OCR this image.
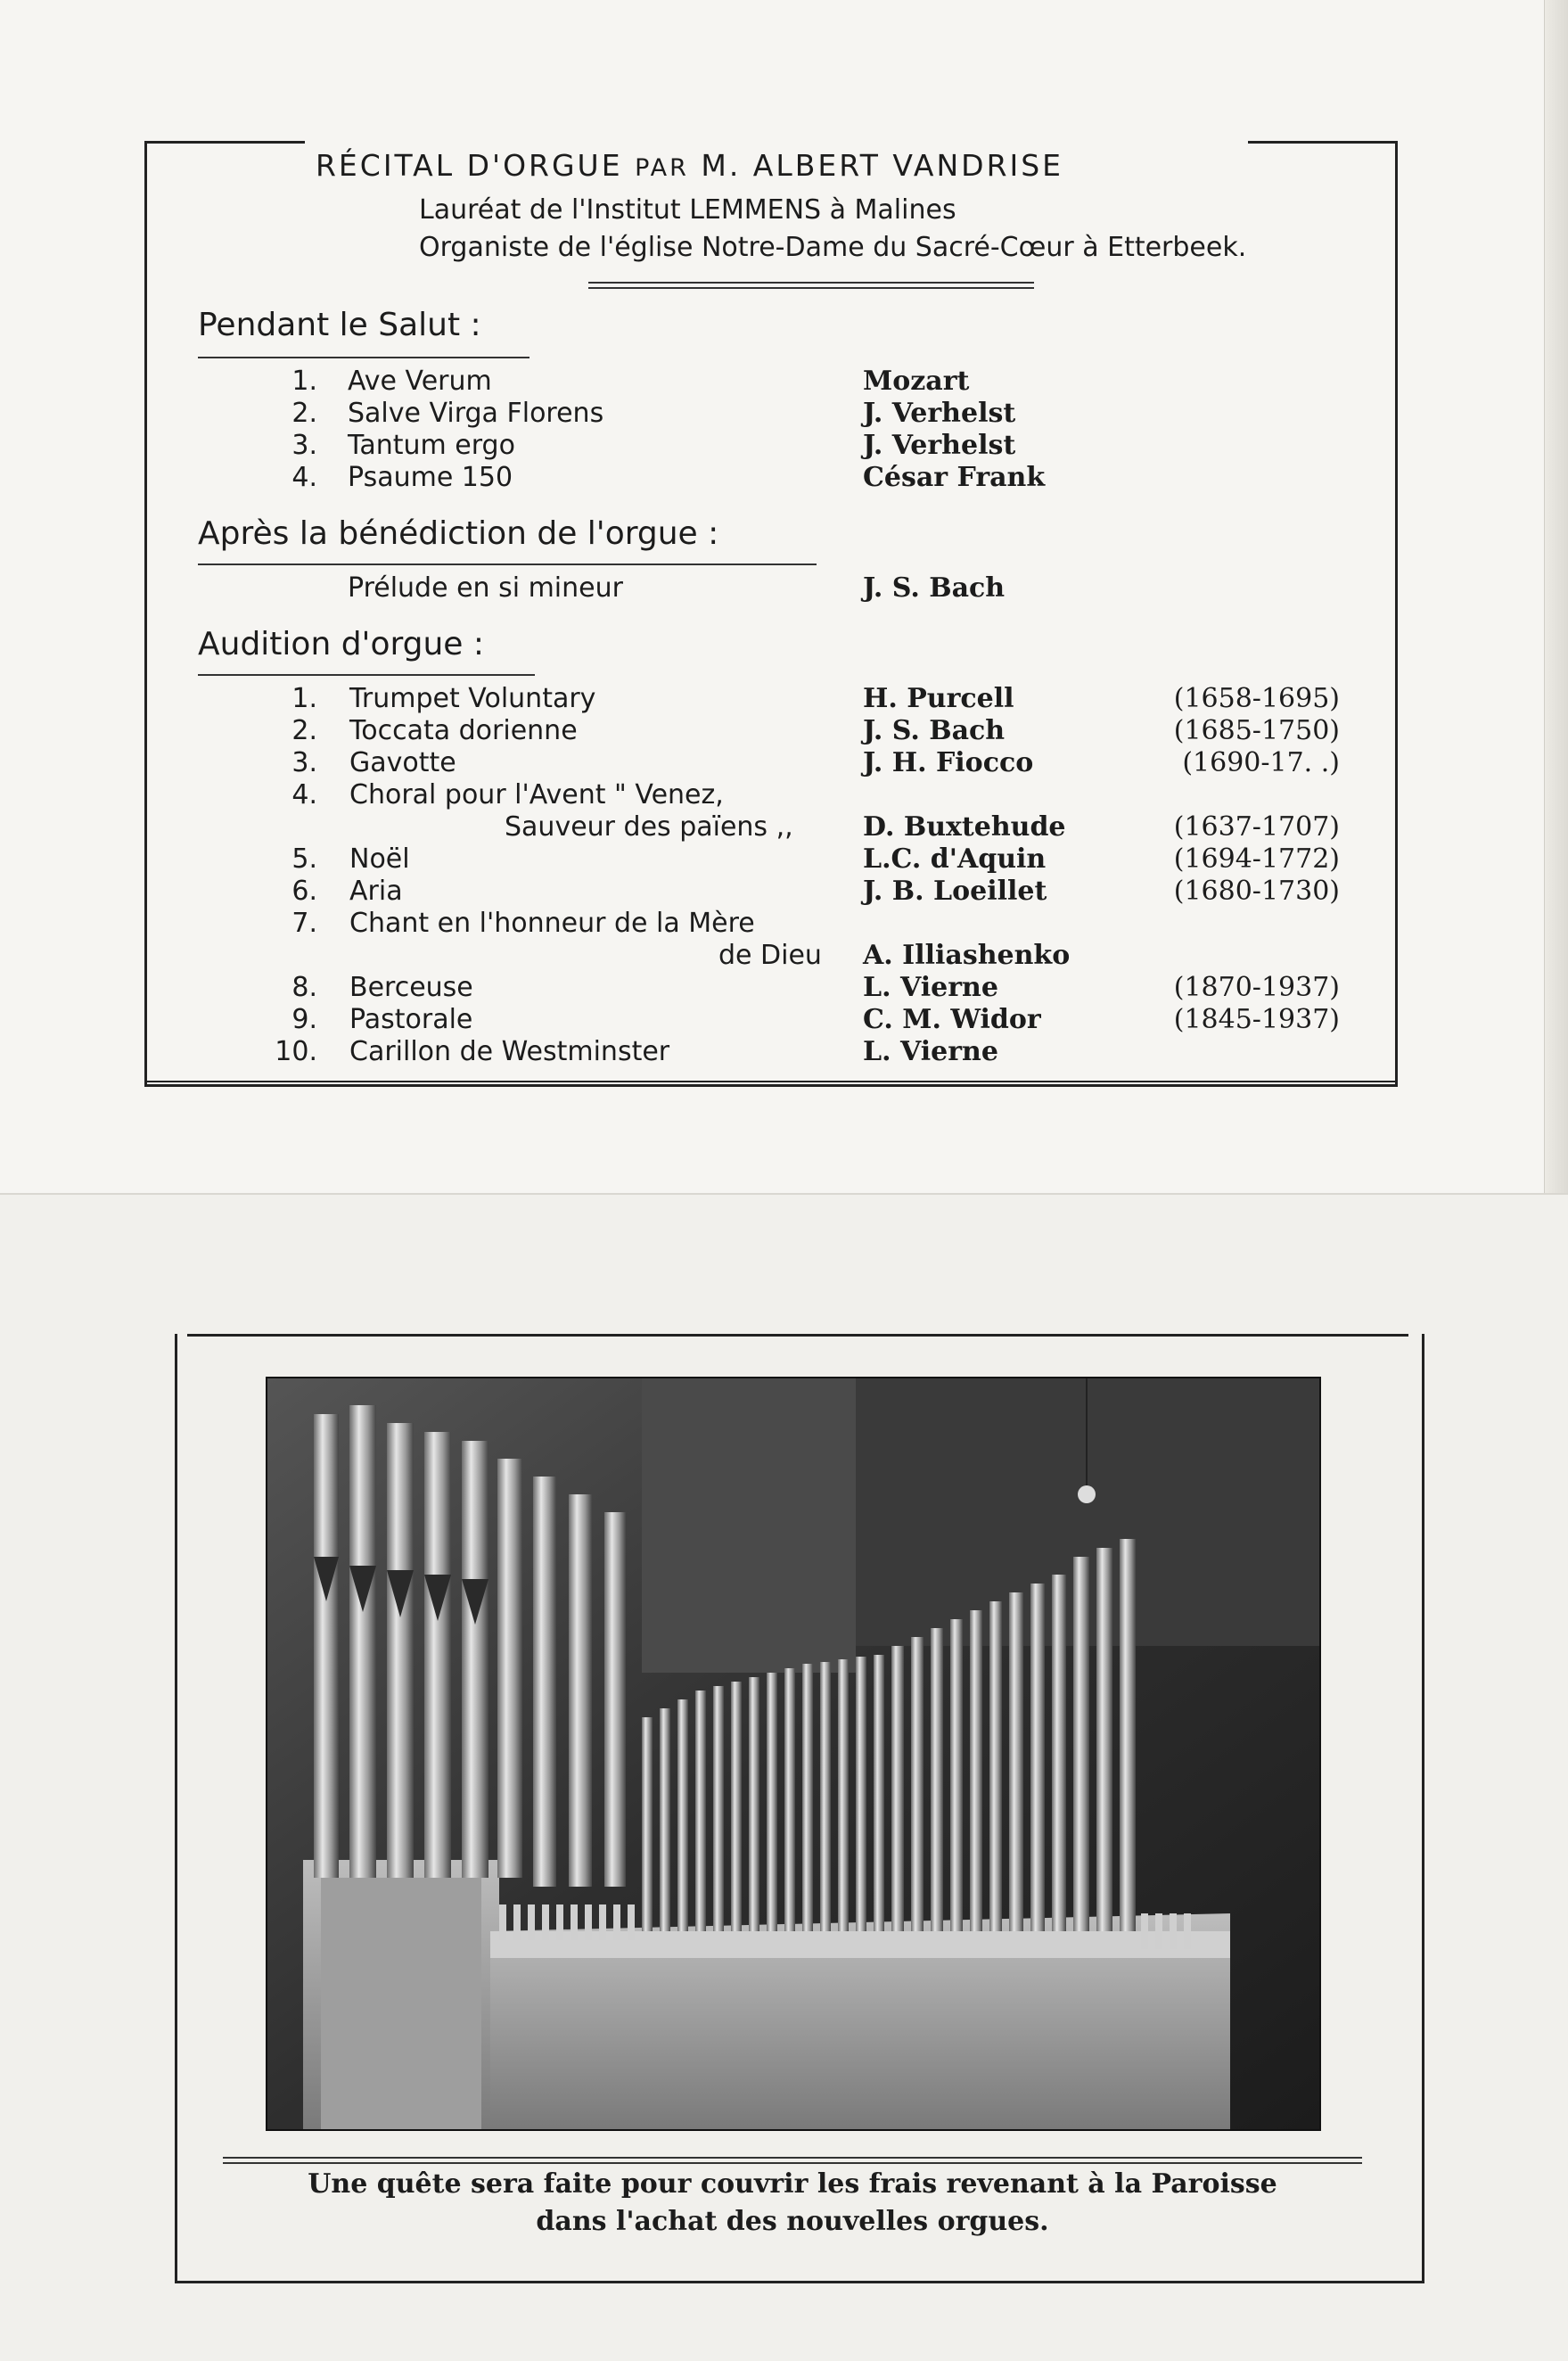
RÉCITAL D'ORGUE PAR M. ALBERT VANDRISE
Lauréat de l'Institut LEMMENS à Malines
Organiste de l'église Notre-Dame du Sacré-Cœur à Etterbeek.
Pendant le Salut :
1. Ave Verum	Mozart
2. Salve Virga Florens	J. Verhelst
3. Tantum ergo	J. Verhelst
4. Psaume 150	César Frank
Après la bénédiction de l'orgue :
Prélude en si mineur	J. S. Bach
Audition d'orgue :
1. Trumpet Voluntary	H. Purcell	(1658-1695)
2. Toccata dorienne	J. S. Bach	(1685-1750)
3. Gavotte	J. H. Fiocco	(1690-17. .)
4. Choral pour l'Avent " Venez,
Sauveur des païens ,,	D. Buxtehude	(1637-1707)
5. Noël	L.C. d'Aquin	(1694-1772)
6. Aria	J. B. Loeillet	(1680-1730)
7. Chant en l'honneur de la Mère
de Dieu A. Illiashenko
8. Berceuse	L. Vierne	(1870-1937)
9. Pastorale	C. M. Widor	(1845-1937)
10. Carillon de Westminster	L. Vierne
Une quête sera faite pour couvrir les frais revenant à la Paroisse
dans l'achat des nouvelles orgues.
